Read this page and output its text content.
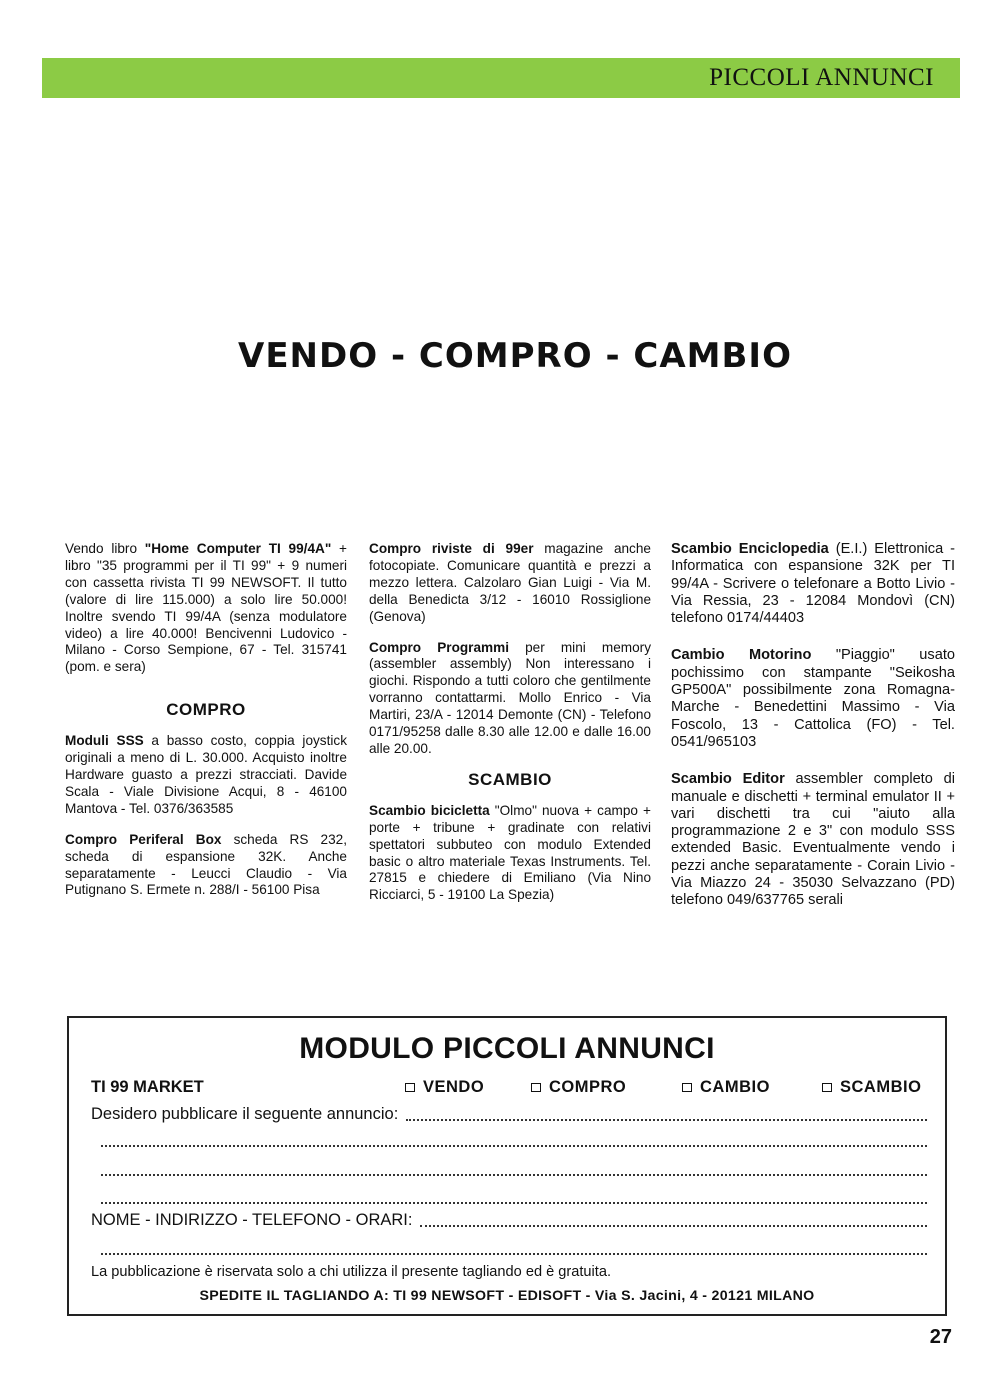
PICCOLI ANNUNCI
VENDO - COMPRO - CAMBIO

Vendo libro "Home Computer TI 99/4A" + libro "35 programmi per il TI 99" + 9 numeri con cassetta rivista TI 99 NEWSOFT. Il tutto (valore di lire 115.000) a solo lire 50.000! Inoltre svendo TI 99/4A (senza modulatore video) a lire 40.000! Bencivenni Ludovico - Milano - Corso Sempione, 67 - Tel. 315741 (pom. e sera)

COMPRO

Moduli SSS a basso costo, coppia joystick originali a meno di L. 30.000. Acquisto inoltre Hardware guasto a prezzi stracciati. Davide Scala - Viale Divisione Acqui, 8 - 46100 Mantova - Tel. 0376/363585

Compro Periferal Box scheda RS 232, scheda di espansione 32K. Anche separatamente - Leucci Claudio - Via Putignano S. Ermete n. 288/I - 56100 Pisa

Compro riviste di 99er magazine anche fotocopiate. Comunicare quantità e prezzi a mezzo lettera. Calzolaro Gian Luigi - Via M. della Benedicta 3/12 - 16010 Rossiglione (Genova)

Compro Programmi per mini memory (assembler assembly) Non interessano i giochi. Rispondo a tutti coloro che gentilmente vorranno contattarmi. Mollo Enrico - Via Martiri, 23/A - 12014 Demonte (CN) - Telefono 0171/95258 dalle 8.30 alle 12.00 e dalle 16.00 alle 20.00.

SCAMBIO

Scambio bicicletta "Olmo" nuova + campo + porte + tribune + gradinate con relativi spettatori subbuteo con modulo Extended basic o altro materiale Texas Instruments. Tel. 27815 e chiedere di Emiliano (Via Nino Ricciarci, 5 - 19100 La Spezia)

Scambio Enciclopedia (E.I.) Elettronica - Informatica con espansione 32K per TI 99/4A - Scrivere o telefonare a Botto Livio - Via Ressia, 23 - 12084 Mondovì (CN) telefono 0174/44403

Cambio Motorino "Piaggio" usato pochissimo con stampante "Seikosha GP500A" possibilmente zona Romagna-Marche - Benedettini Massimo - Via Foscolo, 13 - Cattolica (FO) - Tel. 0541/965103

Scambio Editor assembler completo di manuale e dischetti + terminal emulator II + vari dischetti tra cui "aiuto alla programmazione 2 e 3" con modulo SSS extended Basic. Eventualmente vendo i pezzi anche separatamente - Corain Livio - Via Miazzo 24 - 35030 Selvazzano (PD) telefono 049/637765 serali

MODULO PICCOLI ANNUNCI
TI 99 MARKET	VENDO	COMPRO	CAMBIO	SCAMBIO
Desidero pubblicare il seguente annuncio:
NOME - INDIRIZZO - TELEFONO - ORARI:
La pubblicazione è riservata solo a chi utilizza il presente tagliando ed è gratuita.
SPEDITE IL TAGLIANDO A: TI 99 NEWSOFT - EDISOFT - Via S. Jacini, 4 - 20121 MILANO
27
